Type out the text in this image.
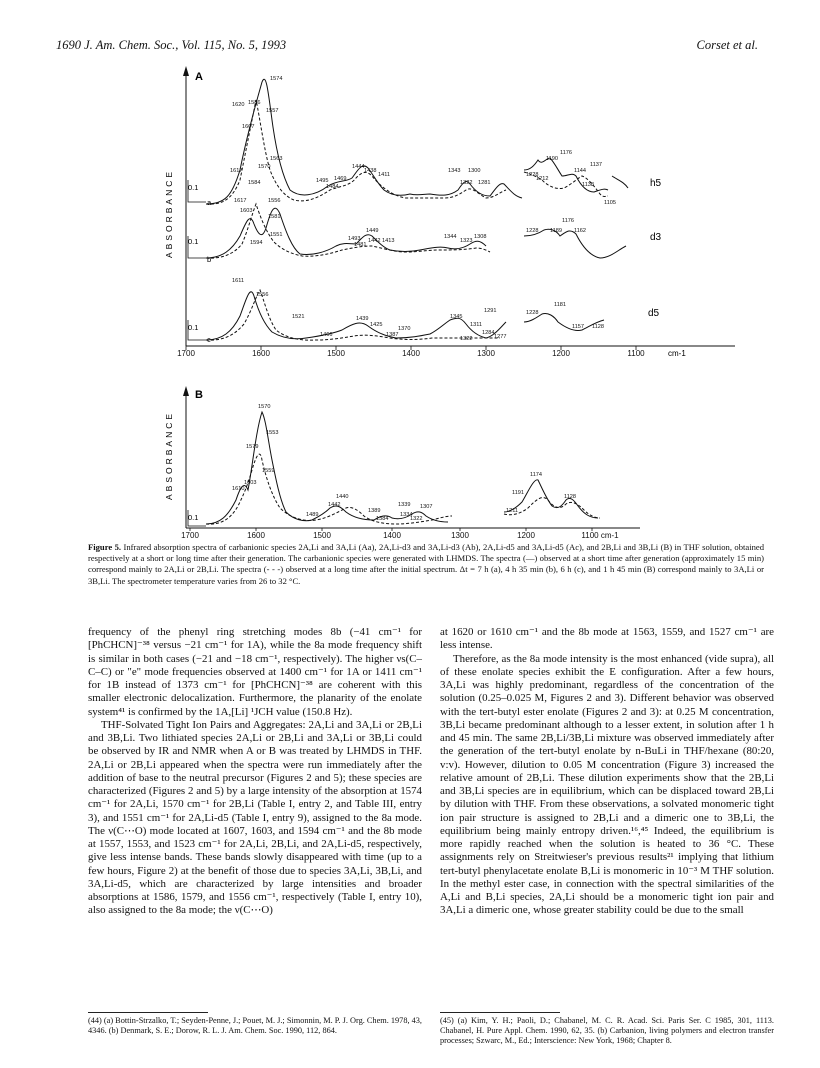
1690 J. Am. Chem. Soc., Vol. 115, No. 5, 1993	Corset et al.
A
ABSORBANCE
1700	1600	1500	1400	1300	1200	1100	cm-1
0.1
0.1
0.1
a
b
c
h5
d3
d5
1574
1620 1586
1557
1607
1563
1570
1617
1584
1444
1438
1411
1495 1469
1484
1343 1300
1322 1281
1190
1176
1137
1228
1212
1144
1138
1105
1617
1603
1556
1581
1594
1551
1493
1481
1449
1442 1413
1344
1323
1308
1228 1189
1176
1162
1611
1556
1521
1466
1439
1425
1387
1370
1345
1311
1322
1291
1284
1277
1228
1181
1157 1128
B
ABSORBANCE
1700	1600	1500	1400	1300	1200	1100 cm-1
0.1
1570
1553
1579
1559
1603
1610
1440
1442
1489
1389
1384
1339
1334
1322
1307
1174
1191
1211
1128
Figure 5. Infrared absorption spectra of carbanionic species 2A,Li and 3A,Li (Aa), 2A,Li-d3 and 3A,Li-d3 (Ab), 2A,Li-d5 and 3A,Li-d5 (Ac), and 2B,Li and 3B,Li (B) in THF solution, obtained respectively at a short or long time after their generation. The carbanionic species were generated with LHMDS. The spectra (—) observed at a short time after generation (approximately 15 min) correspond mainly to 2A,Li or 2B,Li. The spectra (- - -) observed at a long time after the initial spectrum. Δt = 7 h (a), 4 h 35 min (b), 6 h (c), and 1 h 45 min (B) correspond mainly to 3A,Li or 3B,Li. The spectrometer temperature varies from 26 to 32 °C.

frequency of the phenyl ring stretching modes 8b (−41 cm⁻¹ for [PhCHCN]⁻³⁸ versus −21 cm⁻¹ for 1A), while the 8a mode frequency shift is similar in both cases (−21 and −18 cm⁻¹, respectively). The higher νs(C–C–C) or "e" mode frequencies observed at 1400 cm⁻¹ for 1A or 1411 cm⁻¹ for 1B instead of 1373 cm⁻¹ for [PhCHCN]⁻³⁸ are coherent with this smaller electronic delocalization. Furthermore, the planarity of the enolate system⁴¹ is confirmed by the 1A,[Li] ¹JCH value (150.8 Hz).

THF-Solvated Tight Ion Pairs and Aggregates: 2A,Li and 3A,Li or 2B,Li and 3B,Li. Two lithiated species 2A,Li or 2B,Li and 3A,Li or 3B,Li could be observed by IR and NMR when A or B was treated by LHMDS in THF. 2A,Li or 2B,Li appeared when the spectra were run immediately after the addition of base to the neutral precursor (Figures 2 and 5); these species are characterized (Figures 2 and 5) by a large intensity of the absorption at 1574 cm⁻¹ for 2A,Li, 1570 cm⁻¹ for 2B,Li (Table I, entry 2, and Table III, entry 3), and 1551 cm⁻¹ for 2A,Li-d5 (Table I, entry 9), assigned to the 8a mode. The ν(C⋯O) mode located at 1607, 1603, and 1594 cm⁻¹ and the 8b mode at 1557, 1553, and 1523 cm⁻¹ for 2A,Li, 2B,Li, and 2A,Li-d5, respectively, give less intense bands. These bands slowly disappeared with time (up to a few hours, Figure 2) at the benefit of those due to species 3A,Li, 3B,Li, and 3A,Li-d5, which are characterized by large intensities and broader absorptions at 1586, 1579, and 1556 cm⁻¹, respectively (Table I, entry 10), also assigned to the 8a mode; the ν(C⋯O)

at 1620 or 1610 cm⁻¹ and the 8b mode at 1563, 1559, and 1527 cm⁻¹ are less intense.

Therefore, as the 8a mode intensity is the most enhanced (vide supra), all of these enolate species exhibit the E configuration. After a few hours, 3A,Li was highly predominant, regardless of the concentration of the solution (0.25–0.025 M, Figures 2 and 3). Different behavior was observed with the tert-butyl ester enolate (Figures 2 and 3): at 0.25 M concentration, 3B,Li became predominant although to a lesser extent, in solution after 1 h and 45 min. The same 2B,Li/3B,Li mixture was observed immediately after the generation of the tert-butyl enolate by n-BuLi in THF/hexane (80:20, v:v). However, dilution to 0.05 M concentration (Figure 3) increased the relative amount of 2B,Li. These dilution experiments show that the 2B,Li and 3B,Li species are in equilibrium, which can be displaced toward 2B,Li by dilution with THF. From these observations, a solvated monomeric tight ion pair structure is assigned to 2B,Li and a dimeric one to 3B,Li, the equilibrium being mainly entropy driven.¹⁶,⁴⁵ Indeed, the equilibrium is more rapidly reached when the solution is heated to 36 °C. These assignments rely on Streitwieser's previous results²¹ implying that lithium tert-butyl phenylacetate enolate B,Li is monomeric in 10⁻³ M THF solution. In the methyl ester case, in connection with the spectral similarities of the A,Li and B,Li species, 2A,Li should be a monomeric tight ion pair and 3A,Li a dimeric one, whose greater stability could be due to the small

(44) (a) Bottin-Strzalko, T.; Seyden-Penne, J.; Pouet, M. J.; Simonnin, M. P. J. Org. Chem. 1978, 43, 4346. (b) Denmark, S. E.; Dorow, R. L. J. Am. Chem. Soc. 1990, 112, 864.
(45) (a) Kim, Y. H.; Paoli, D.; Chabanel, M. C. R. Acad. Sci. Paris Ser. C 1985, 301, 1113. Chabanel, H. Pure Appl. Chem. 1990, 62, 35. (b) Carbanion, living polymers and electron transfer processes; Szwarc, M., Ed.; Interscience: New York, 1968; Chapter 8.
